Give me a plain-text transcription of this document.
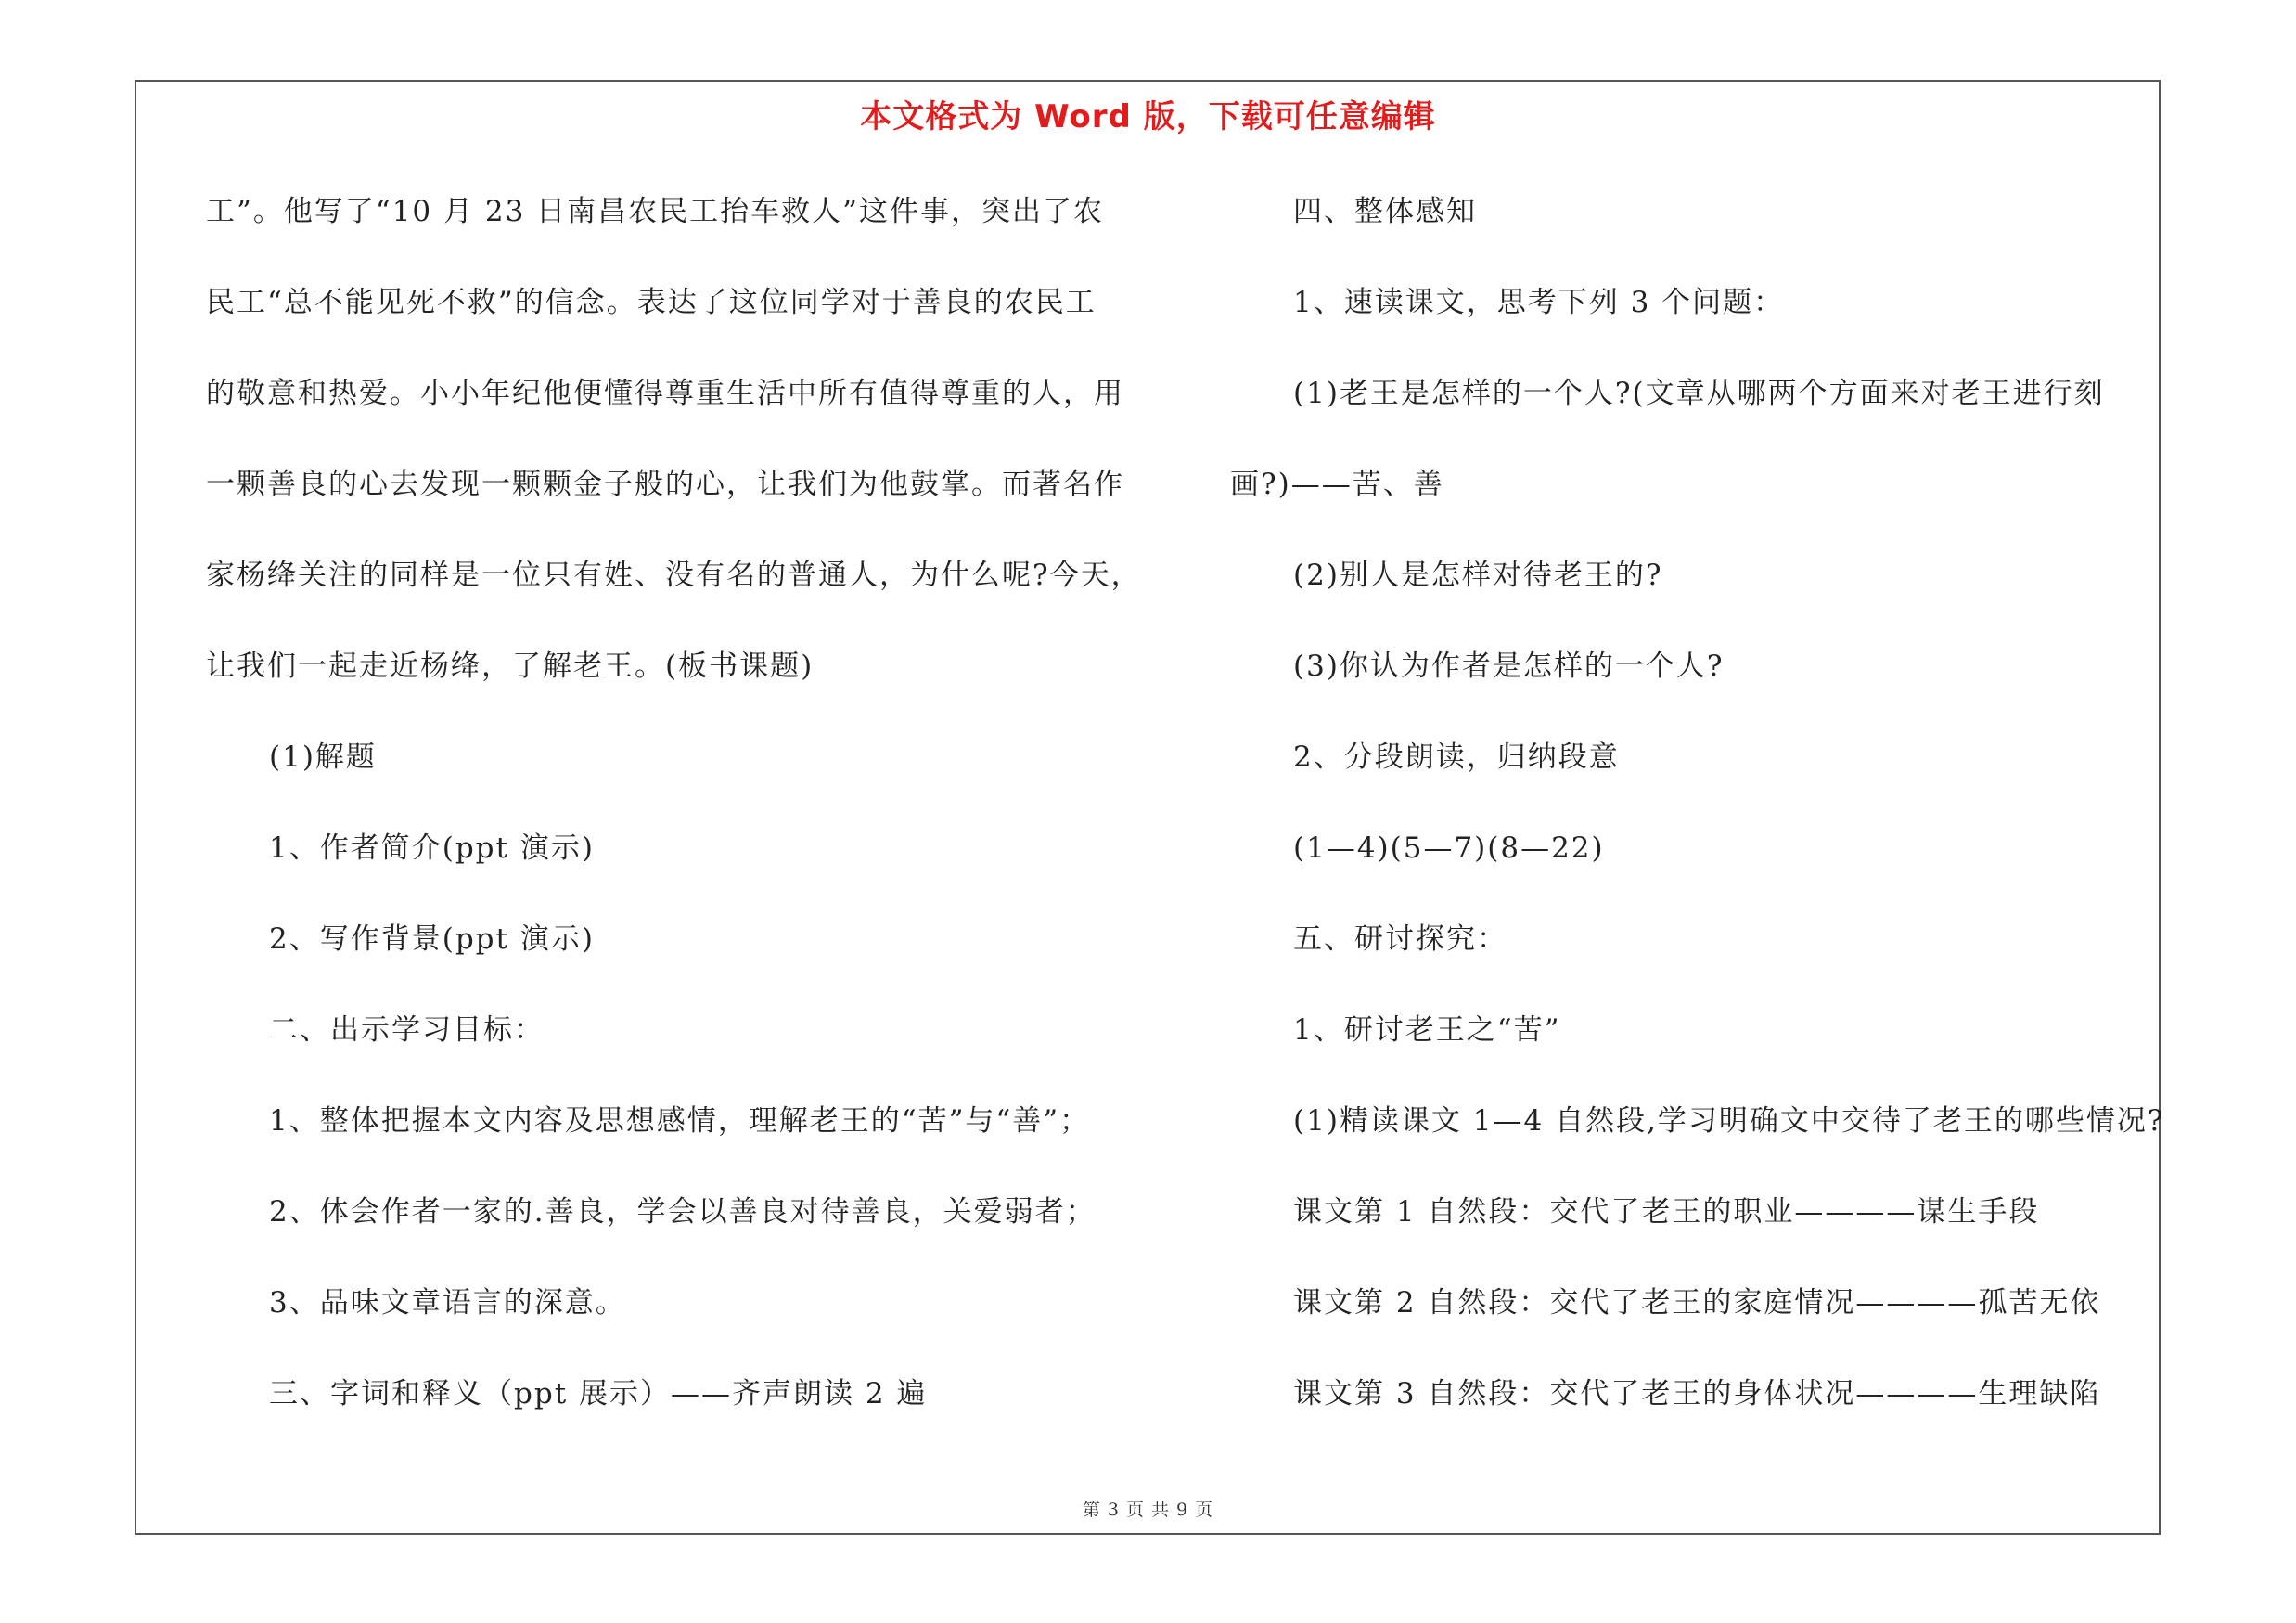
本文格式为 Word 版，下载可任意编辑
工”。他写了“10 月 23 日南昌农民工抬车救人”这件事，突出了农
民工“总不能见死不救”的信念。表达了这位同学对于善良的农民工
的敬意和热爱。小小年纪他便懂得尊重生活中所有值得尊重的人，用
一颗善良的心去发现一颗颗金子般的心，让我们为他鼓掌。而著名作
家杨绛关注的同样是一位只有姓、没有名的普通人，为什么呢?今天，
让我们一起走近杨绛，了解老王。(板书课题)
(1)解题
1、作者简介(ppt 演示)
2、写作背景(ppt 演示)
二、出示学习目标：
1、整体把握本文内容及思想感情，理解老王的“苦”与“善”；
2、体会作者一家的.善良，学会以善良对待善良，关爱弱者；
3、品味文章语言的深意。
三、字词和释义（ppt 展示）——齐声朗读 2 遍
四、整体感知
1、速读课文，思考下列 3 个问题：
(1)老王是怎样的一个人?(文章从哪两个方面来对老王进行刻
画?)——苦、善
(2)别人是怎样对待老王的?
(3)你认为作者是怎样的一个人?
2、分段朗读，归纳段意
(1—4)(5—7)(8—22)
五、研讨探究：
1、研讨老王之“苦”
(1)精读课文 1—4 自然段,学习明确文中交待了老王的哪些情况?
课文第 1 自然段：交代了老王的职业————谋生手段
课文第 2 自然段：交代了老王的家庭情况————孤苦无依
课文第 3 自然段：交代了老王的身体状况————生理缺陷
第 3 页 共 9 页
